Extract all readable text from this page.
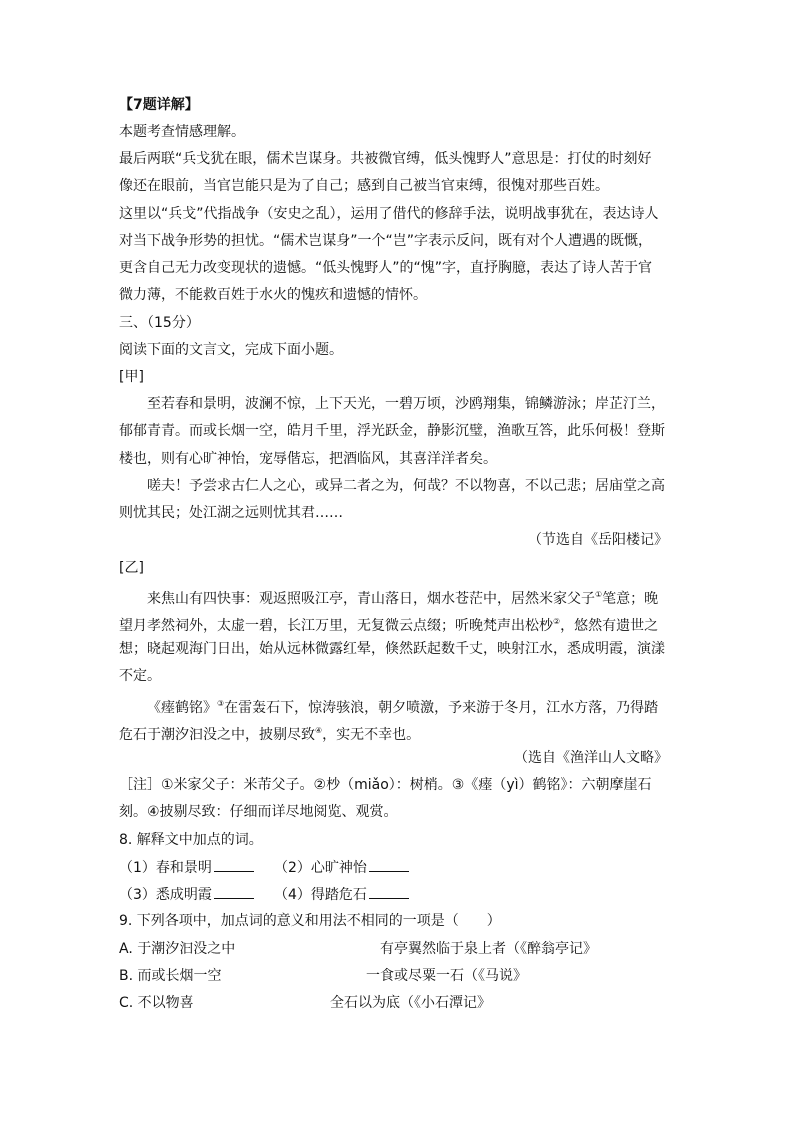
【7题详解】
本题考查情感理解。
最后两联“兵戈犹在眼，儒术岂谋身。共被微官缚，低头愧野人”意思是：打仗的时刻好
像还在眼前，当官岂能只是为了自己；感到自己被当官束缚，很愧对那些百姓。
这里以“兵戈”代指战争（安史之乱），运用了借代的修辞手法，说明战事犹在，表达诗人
对当下战争形势的担忧。“儒术岂谋身”一个“岂”字表示反问，既有对个人遭遇的既慨，
更含自己无力改变现状的遗憾。“低头愧野人”的“愧”字，直抒胸臆，表达了诗人苦于官
微力薄，不能救百姓于水火的愧疚和遗憾的情怀。
三、（15分）
阅读下面的文言文，完成下面小题。
[甲]
至若春和景明，波澜不惊，上下天光，一碧万顷，沙鸥翔集，锦鳞游泳；岸芷汀兰，
郁郁青青。而或长烟一空，皓月千里，浮光跃金，静影沉璧，渔歌互答，此乐何极！登斯
楼也，则有心旷神怡，宠辱偕忘，把酒临风，其喜洋洋者矣。
嗟夫！予尝求古仁人之心，或异二者之为，何哉？不以物喜，不以己悲；居庙堂之高
则忧其民；处江湖之远则忧其君……
（节选自《岳阳楼记》
[乙]
来焦山有四快事：观返照吸江亭，青山落日，烟水苍茫中，居然米家父子①笔意；晚
望月孝然祠外，太虚一碧，长江万里，无复微云点缀；听晚梵声出松杪②，悠然有遗世之
想；晓起观海门日出，始从远林微露红晕，倏然跃起数千丈，映射江水，悉成明霞，演漾
不定。
《瘗鹤铭》③在雷轰石下，惊涛骇浪，朝夕喷激，予来游于冬月，江水方落，乃得踏
危石于潮汐汩没之中，披剔尽致④，实无不幸也。
（选自《渔洋山人文略》
［注］①米家父子：米芾父子。②杪（miǎo）：树梢。③《瘗（yì）鹤铭》：六朝摩崖石
刻。④披剔尽致：仔细而详尽地阅览、观赏。
8. 解释文中加点的词。
（1）春和景明	（2）心旷神怡
（3）悉成明霞	（4）得踏危石
9. 下列各项中，加点词的意义和用法不相同的一项是（　　）
A. 于潮汐汩没之中	有亭翼然临于泉上者（《醉翁亭记》
B. 而或长烟一空	一食或尽粟一石（《马说》
C. 不以物喜	全石以为底（《小石潭记》
